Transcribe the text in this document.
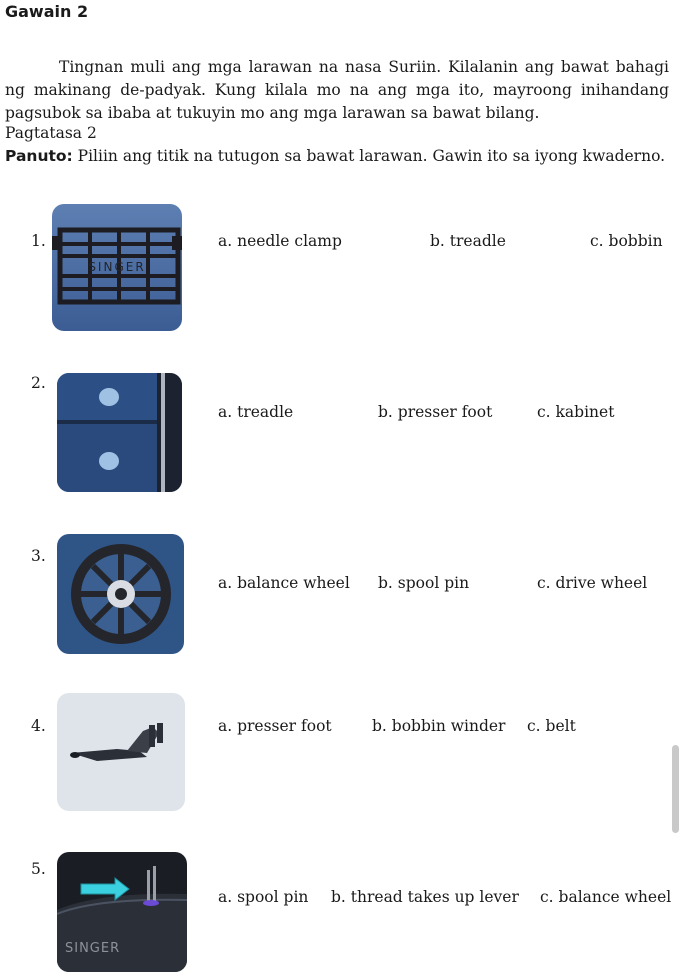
Gawain 2
Tingnan muli ang mga larawan na nasa Suriin. Kilalanin ang bawat bahagi ng makinang de-padyak. Kung kilala mo na ang mga ito, mayroong inihandang pagsubok sa ibaba at tukuyin mo ang mga larawan sa bawat bilang.
Pagtatasa 2
Panuto: Piliin ang titik na tutugon sa bawat larawan. Gawin ito sa iyong kwaderno.
1.
SINGER
a. needle clamp	b. treadle	c. bobbin
2.
a. treadle	b. presser foot	c. kabinet
3.
a. balance wheel b. spool pin	c. drive wheel
4.	a. presser foot	b. bobbin winder c. belt
5.
SINGER
a. spool pin b. thread takes up lever c. balance wheel
